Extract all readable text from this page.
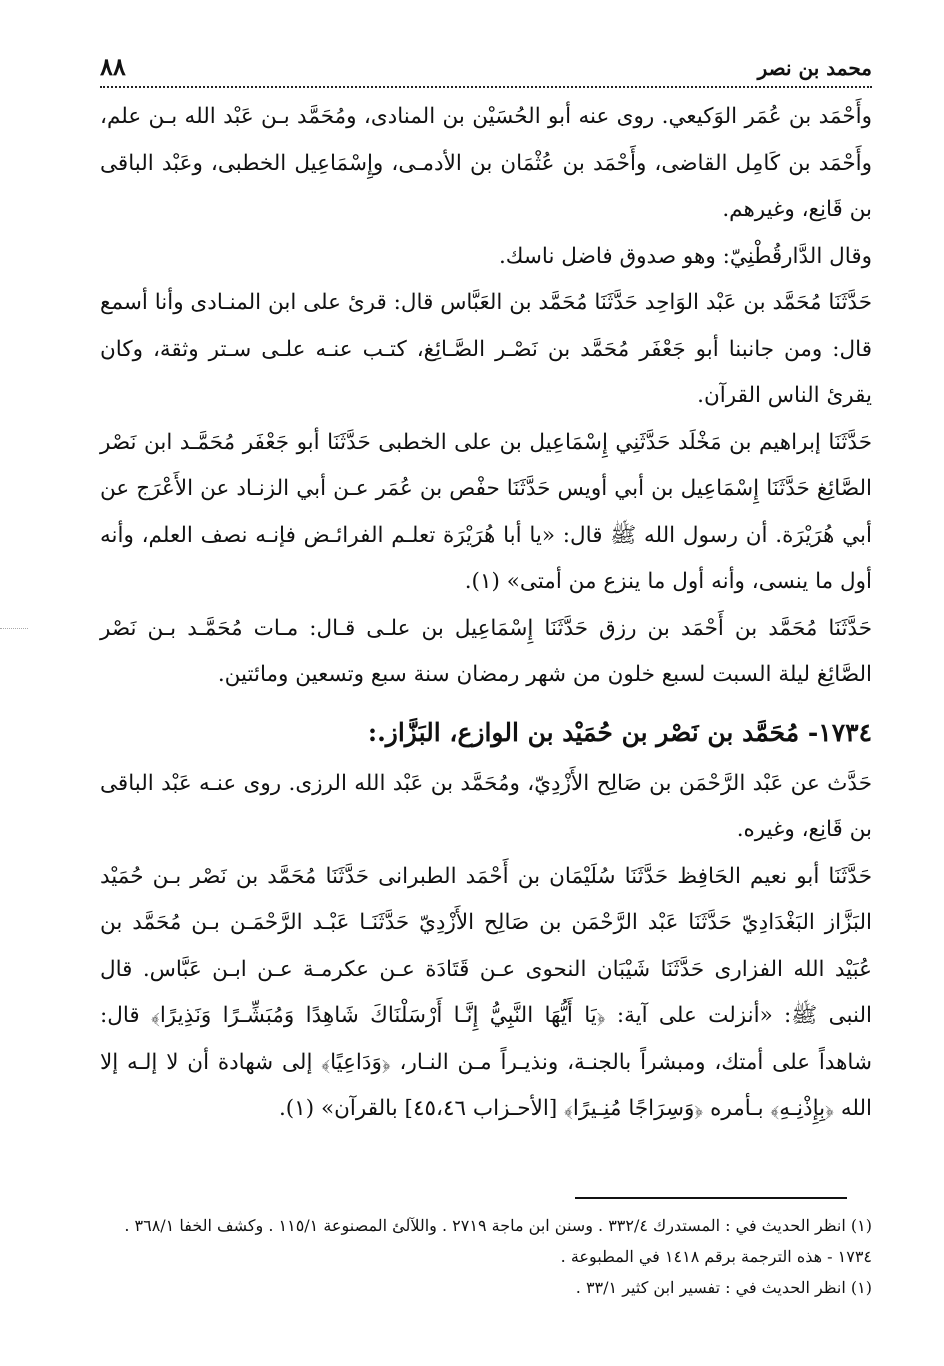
٨٨	محمد بن نصر

وأَحْمَد بن عُمَر الوَكيعي. روى عنه أبو الحُسَيْن بن المنادى، ومُحَمَّد بـن عَبْد الله بـن علم، وأَحْمَد بن كَامِل القاضى، وأَحْمَد بن عُثْمَان بن الأدمـى، وإِسْمَاعِيل الخطبى، وعَبْد الباقى بن قَانِع، وغيرهم.

وقال الدَّارقُطْنِيّ: وهو صدوق فاضل ناسك.

حَدَّثَنَا مُحَمَّد بن عَبْد الوَاحِد حَدَّثَنَا مُحَمَّد بن العَبَّاس قال: قرئ على ابن المنـادى وأنا أسمع قال: ومن جانبنا أبو جَعْفَر مُحَمَّد بن نَصْـر الصَّـائِغ، كتـب عنـه علـى سـتر وثقة، وكان يقرئ الناس القرآن.

حَدَّثَنَا إبراهيم بن مَخْلَد حَدَّثَنِي إِسْمَاعِيل بن على الخطبى حَدَّثَنَا أبو جَعْفَر مُحَمَّـد ابن نَصْر الصَّائِغ حَدَّثَنَا إِسْمَاعِيل بن أبي أويس حَدَّثَنَا حفْص بن عُمَر عـن أبي الزنـاد عن الأَعْرَج عن أبي هُرَيْرَة. أن رسول الله ﷺ قال: «يا أبا هُرَيْرَة تعلـم الفرائـض فإنـه نصف العلم، وأنه أول ما ينسى، وأنه أول ما ينزع من أمتى» (١).

حَدَّثَنَا مُحَمَّد بن أَحْمَد بن رزق حَدَّثَنَا إِسْمَاعِيل بن علـى قـال: مـات مُحَمَّـد بـن نَصْر الصَّائِغ ليلة السبت لسبع خلون من شهر رمضان سنة سبع وتسعين ومائتين.

١٧٣٤- مُحَمَّد بن نَصْر بن حُمَيْد بن الوازع، البَزَّاز.:

حَدَّث عن عَبْد الرَّحْمَن بن صَالِح الأَزْدِيّ، ومُحَمَّد بن عَبْد الله الرزى. روى عنـه عَبْد الباقى بن قَانِع، وغيره.

حَدَّثَنَا أبو نعيم الحَافِظ حَدَّثَنَا سُلَيْمَان بن أَحْمَد الطبرانى حَدَّثَنَا مُحَمَّد بن نَصْر بـن حُمَيْد البَزَّاز البَغْدَادِيّ حَدَّثَنَا عَبْد الرَّحْمَن بن صَالِح الأَزْدِيّ حَدَّثَنَـا عَبْـد الرَّحْمَـن بـن مُحَمَّد بن عُبَيْد الله الفزارى حَدَّثَنَا شَيْبَان النحوى عـن قَتَادَة عـن عكرمـة عـن ابـن عَبَّاس. قال النبى ﷺ: «أنزلت على آية: ﴿يَا أَيُّهَا النَّبِيُّ إِنَّـا أَرْسَلْنَاكَ شَاهِدًا وَمُبَشِّـرًا وَنَذِيرًا﴾ قال: شاهداً على أمتك، ومبشراً بالجنـة، ونذيـراً مـن النـار، ﴿وَدَاعِيًا﴾ إلى شهادة أن لا إلـه إلا الله ﴿بِإِذْنِـهِ﴾ بـأمره ﴿وَسِرَاجًا مُنِـيرًا﴾ [الأحـزاب ٤٥،٤٦] بالقرآن» (١).

(١) انظر الحديث في : المستدرك ٣٣٢/٤ . وسنن ابن ماجة ٢٧١٩ . واللآلئ المصنوعة ١١٥/١ . وكشف الخفا ٣٦٨/١ .

١٧٣٤ - هذه الترجمة برقم ١٤١٨ في المطبوعة .

(١) انظر الحديث في : تفسير ابن كثير ٣٣/١ .
